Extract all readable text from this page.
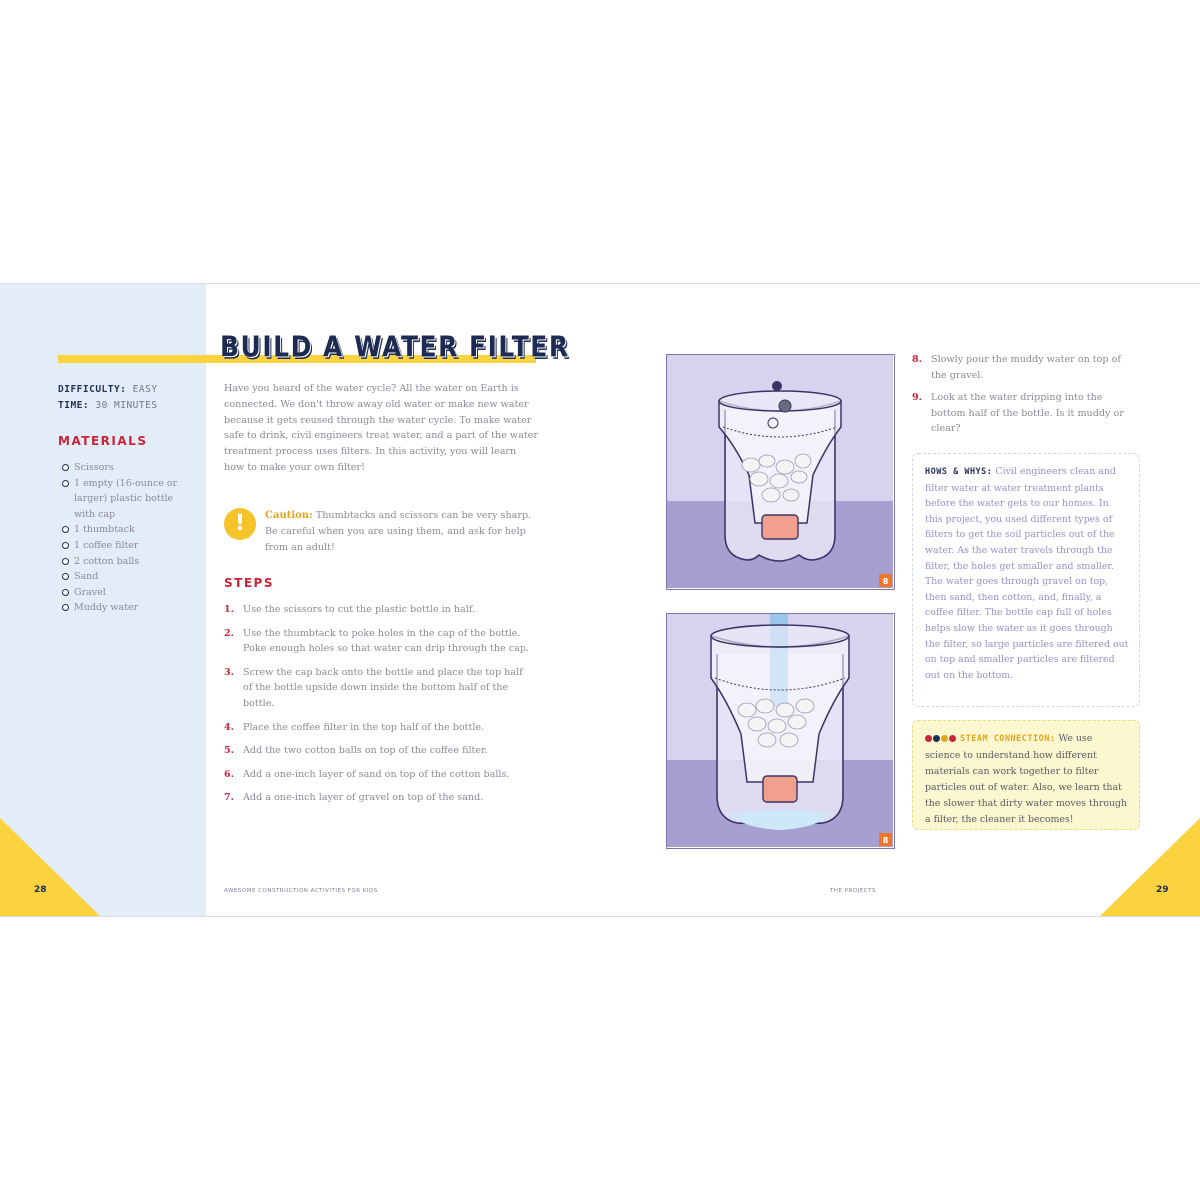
BUILD A WATER FILTER
DIFFICULTY: EASY
TIME: 30 MINUTES
MATERIALS
Scissors
1 empty (16-ounce or larger) plastic bottle with cap
1 thumbtack
1 coffee filter
2 cotton balls
Sand
Gravel
Muddy water

Have you heard of the water cycle? All the water on Earth is connected. We don't throw away old water or make new water because it gets reused through the water cycle. To make water safe to drink, civil engineers treat water, and a part of the water treatment process uses filters. In this activity, you will learn how to make your own filter!

!	Caution: Thumbtacks and scissors can be very sharp. Be careful when you are using them, and ask for help from an adult!

STEPS
1. Use the scissors to cut the plastic bottle in half.
2. Use the thumbtack to poke holes in the cap of the bottle. Poke enough holes so that water can drip through the cap.
3. Screw the cap back onto the bottle and place the top half of the bottle upside down inside the bottom half of the bottle.
4. Place the coffee filter in the top half of the bottle.
5. Add the two cotton balls on top of the coffee filter.
6. Add a one-inch layer of sand on top of the cotton balls.
7. Add a one-inch layer of gravel on top of the sand.
8
8
8. Slowly pour the muddy water on top of the gravel.
9. Look at the water dripping into the bottom half of the bottle. Is it muddy or clear?
HOWS & WHYS: Civil engineers clean and filter water at water treatment plants before the water gets to our homes. In this project, you used different types of filters to get the soil particles out of the water. As the water travels through the filter, the holes get smaller and smaller. The water goes through gravel on top, then sand, then cotton, and, finally, a coffee filter. The bottle cap full of holes helps slow the water as it goes through the filter, so large particles are filtered out on top and smaller particles are filtered out on the bottom.
STEAM CONNECTION: We use science to understand how different materials can work together to filter particles out of water. Also, we learn that the slower that dirty water moves through a filter, the cleaner it becomes!
28	AWESOME CONSTRUCTION ACTIVITIES FOR KIDS	THE PROJECTS	29
